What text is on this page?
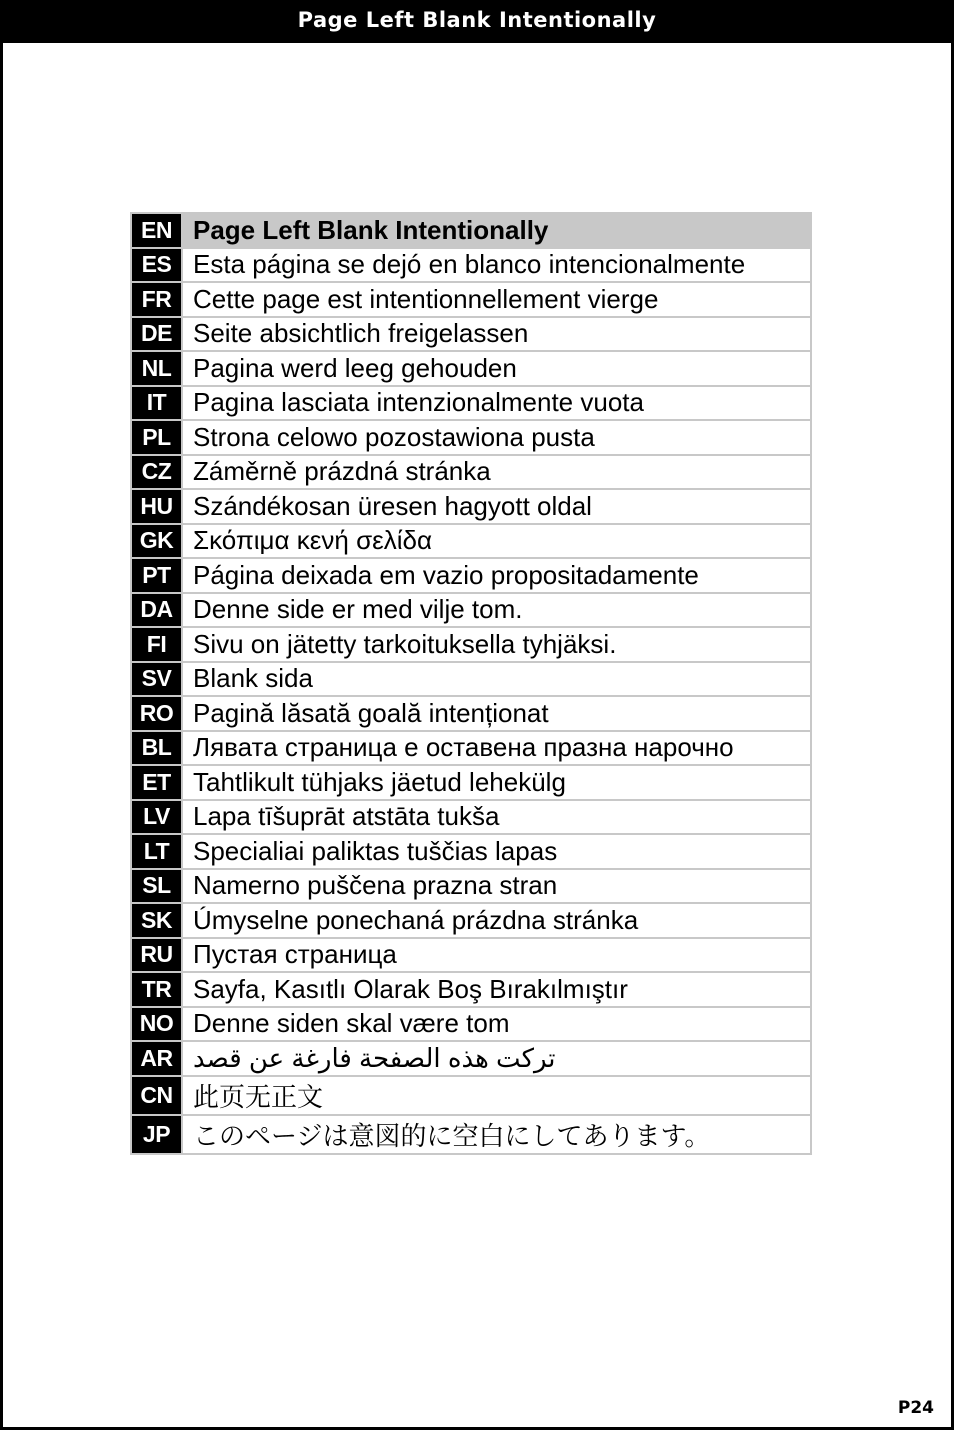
Page Left Blank Intentionally
EN	Page Left Blank Intentionally
ES	Esta página se dejó en blanco intencionalmente
FR	Cette page est intentionnellement vierge
DE	Seite absichtlich freigelassen
NL	Pagina werd leeg gehouden
IT	Pagina lasciata intenzionalmente vuota
PL	Strona celowo pozostawiona pusta
CZ	Záměrně prázdná stránka
HU	Szándékosan üresen hagyott oldal
GK	Σκόπιμα κενή σελίδα
PT	Página deixada em vazio propositadamente
DA	Denne side er med vilje tom.
FI	Sivu on jätetty tarkoituksella tyhjäksi.
SV	Blank sida
RO	Pagină lăsată goală intenționat
BL	Лявата страница е оставена празна нарочно
ET	Tahtlikult tühjaks jäetud lehekülg
LV	Lapa tīšuprāt atstāta tukša
LT	Specialiai paliktas tuščias lapas
SL	Namerno puščena prazna stran
SK	Úmyselne ponechaná prázdna stránka
RU	Пустая страница
TR	Sayfa, Kasıtlı Olarak Boş Bırakılmıştır
NO	Denne siden skal være tom
AR	تركت هذه الصفحة فارغة عن قصد
CN	此页无正文
JP	このページは意図的に空白にしてあります。
P24
